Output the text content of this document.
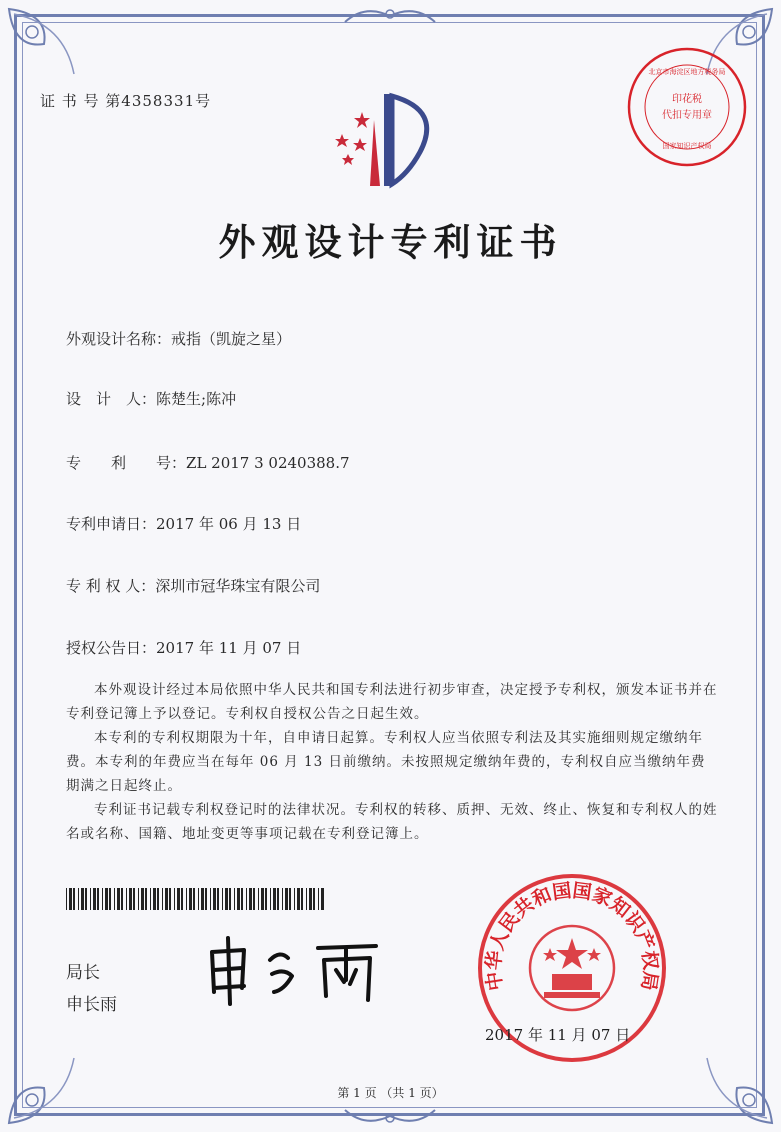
证 书 号 第4358331号
北京市海淀区地方税务局
印花税
代扣专用章
国家知识产权局
外观设计专利证书
外观设计名称：戒指（凯旋之星）
设　计　人：陈楚生;陈冲
专　　利　　号：ZL 2017 3 0240388.7
专利申请日：2017 年 06 月 13 日
专 利 权 人：深圳市冠华珠宝有限公司
授权公告日：2017 年 11 月 07 日

本外观设计经过本局依照中华人民共和国专利法进行初步审查，决定授予专利权，颁发本证书并在专利登记簿上予以登记。专利权自授权公告之日起生效。

本专利的专利权期限为十年，自申请日起算。专利权人应当依照专利法及其实施细则规定缴纳年费。本专利的年费应当在每年 06 月 13 日前缴纳。未按照规定缴纳年费的，专利权自应当缴纳年费期满之日起终止。

专利证书记载专利权登记时的法律状况。专利权的转移、质押、无效、终止、恢复和专利权人的姓名或名称、国籍、地址变更等事项记载在专利登记簿上。

局长
申长雨
中华人民共和国国家知识产权局
2017 年 11 月 07 日
第 1 页 （共 1 页）
